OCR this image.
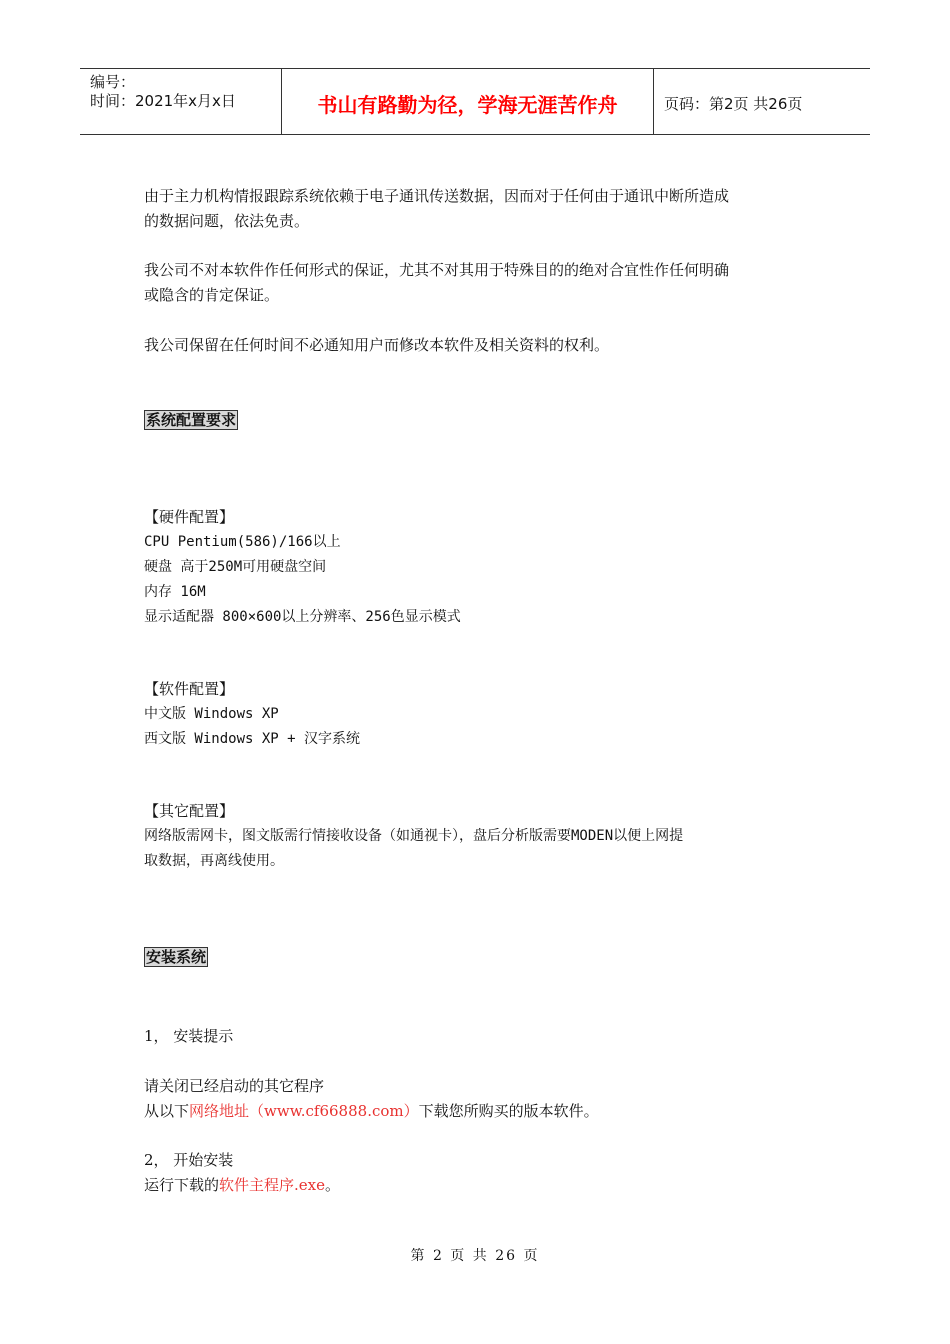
编号：
时间：2021年x月x日	书山有路勤为径，学海无涯苦作舟	页码：第2页 共26页

由于主力机构情报跟踪系统依赖于电子通讯传送数据，因而对于任何由于通讯中断所造成

的数据问题，依法免责。

我公司不对本软件作任何形式的保证，尤其不对其用于特殊目的的绝对合宜性作任何明确

或隐含的肯定保证。

我公司保留在任何时间不必通知用户而修改本软件及相关资料的权利。

系统配置要求

【硬件配置】

CPU Pentium(586)/166以上

硬盘 高于250M可用硬盘空间

内存 16M

显示适配器 800×600以上分辨率、256色显示模式

【软件配置】

中文版 Windows XP

西文版 Windows XP + 汉字系统

【其它配置】

网络版需网卡，图文版需行情接收设备（如通视卡），盘后分析版需要MODEN以便上网提

取数据，再离线使用。

安装系统

1， 安装提示

请关闭已经启动的其它程序

从以下网络地址（www.cf66888.com）下载您所购买的版本软件。

2， 开始安装

运行下载的软件主程序.exe。

第 2 页 共 26 页
